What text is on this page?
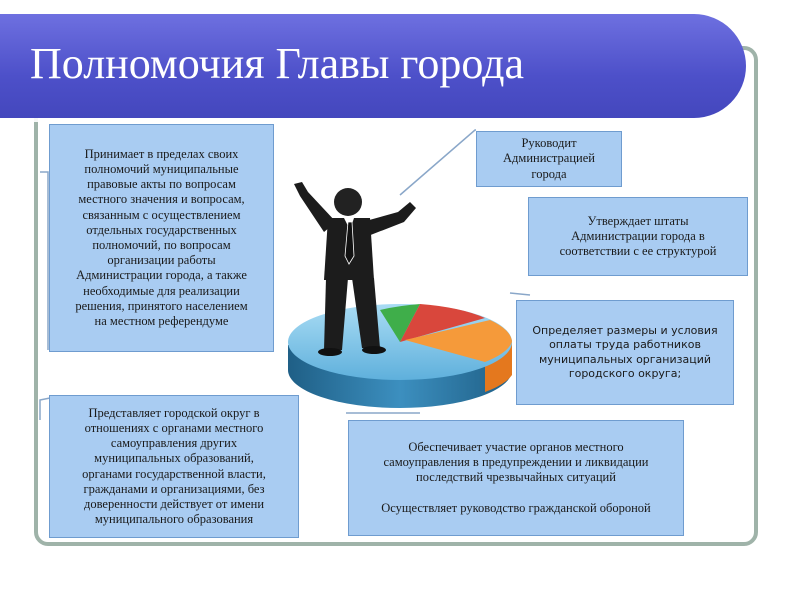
Полномочия Главы города
Принимает в пределах своих
полномочий муниципальные
правовые акты по вопросам
местного значения и вопросам,
связанным с осуществлением
отдельных государственных
полномочий, по вопросам
организации работы
Администрации города, а также
необходимые для реализации
решения, принятого населением
на местном референдуме
Руководит
Администрацией
города
Утверждает штаты
Администрации города в
соответствии с ее структурой
Определяет размеры и условия
оплаты труда работников
муниципальных организаций
городского округа;
Представляет городской округ в
отношениях с органами местного
самоуправления других
муниципальных образований,
органами государственной власти,
гражданами и организациями, без
доверенности действует от имени
муниципального образования
Обеспечивает участие органов местного
самоуправления в предупреждении и ликвидации
последствий чрезвычайных ситуаций

Осуществляет руководство гражданской обороной
